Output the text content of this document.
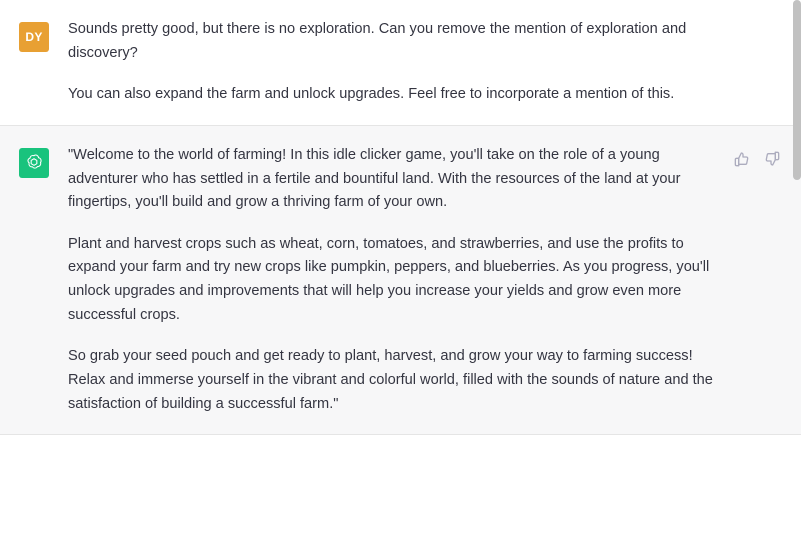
DY	Sounds pretty good, but there is no exploration. Can you remove the mention of exploration and discovery?

You can also expand the farm and unlock upgrades. Feel free to incorporate a mention of this.

"Welcome to the world of farming! In this idle clicker game, you'll take on the role of a young adventurer who has settled in a fertile and bountiful land. With the resources of the land at your fingertips, you'll build and grow a thriving farm of your own.

Plant and harvest crops such as wheat, corn, tomatoes, and strawberries, and use the profits to expand your farm and try new crops like pumpkin, peppers, and blueberries. As you progress, you'll unlock upgrades and improvements that will help you increase your yields and grow even more successful crops.

So grab your seed pouch and get ready to plant, harvest, and grow your way to farming success! Relax and immerse yourself in the vibrant and colorful world, filled with the sounds of nature and the satisfaction of building a successful farm."
